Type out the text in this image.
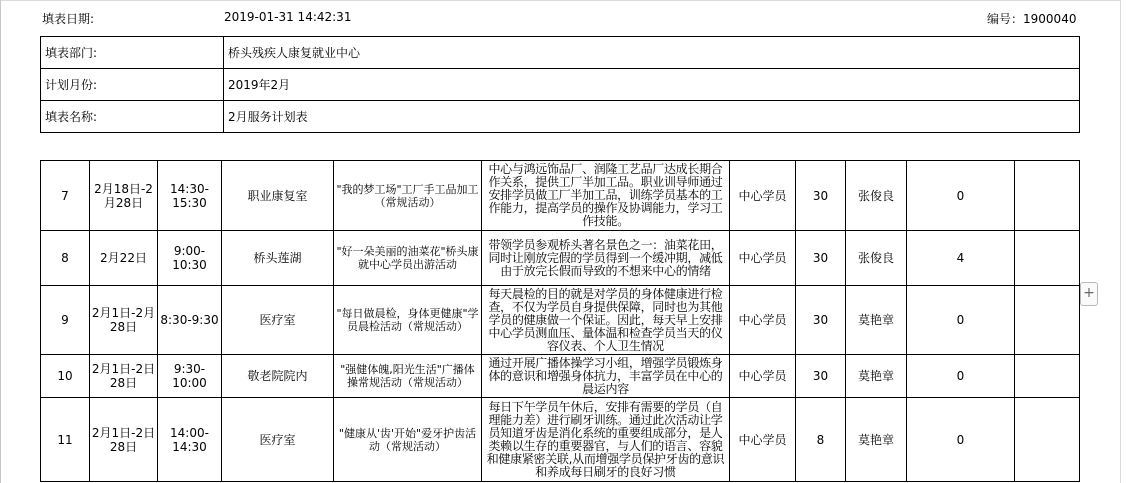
填表日期:	2019-01-31 14:42:31	编号：1900040
填表部门:	桥头残疾人康复就业中心
计划月份:	2019年2月
填表名称:	2月服务计划表
7	2月18日-2月28日	14:30-15:30	职业康复室	"我的梦工场"工厂手工品加工（常规活动）	中心与鸿远饰品厂、润隆工艺品厂达成长期合作关系，提供工厂半加工品。职业训导师通过安排学员做工厂半加工品，训练学员基本的工作能力，提高学员的操作及协调能力，学习工作技能。	中心学员	30	张俊良	0	
8	2月22日	9:00-10:30	桥头莲湖	"好一朵美丽的油菜花"桥头康就中心学员出游活动	带领学员参观桥头著名景色之一：油菜花田，同时让刚放完假的学员得到一个缓冲期，减低由于放完长假而导致的不想来中心的情绪	中心学员	30	张俊良	4	
9	2月1日-2月28日	8:30-9:30	医疗室	"每日做晨检，身体更健康"学员晨检活动（常规活动）	每天晨检的目的就是对学员的身体健康进行检查，不仅为学员自身提供保障，同时也为其他学员的健康做一个保证。因此，每天早上安排中心学员测血压、量体温和检查学员当天的仪容仪表、个人卫生情况	中心学员	30	莫艳章	0	
10	2月1日-2日28日	9:30-10:00	敬老院院内	"强健体魄,阳光生活"广播体操常规活动（常规活动）	通过开展广播体操学习小组，增强学员锻炼身体的意识和增强身体抗力，丰富学员在中心的晨运内容	中心学员	30	莫艳章	0	
11	2月1日-2日28日	14:00-14:30	医疗室	"健康从'齿'开始"爱牙护齿活动（常规活动）	每日下午学员午休后，安排有需要的学员（自理能力差）进行刷牙训练。通过此次活动让学员知道牙齿是消化系统的重要组成部分，是人类赖以生存的重要器官，与人们的语言、容貌和健康紧密关联,从而增强学员保护牙齿的意识和养成每日刷牙的良好习惯	中心学员	8	莫艳章	0	
+
